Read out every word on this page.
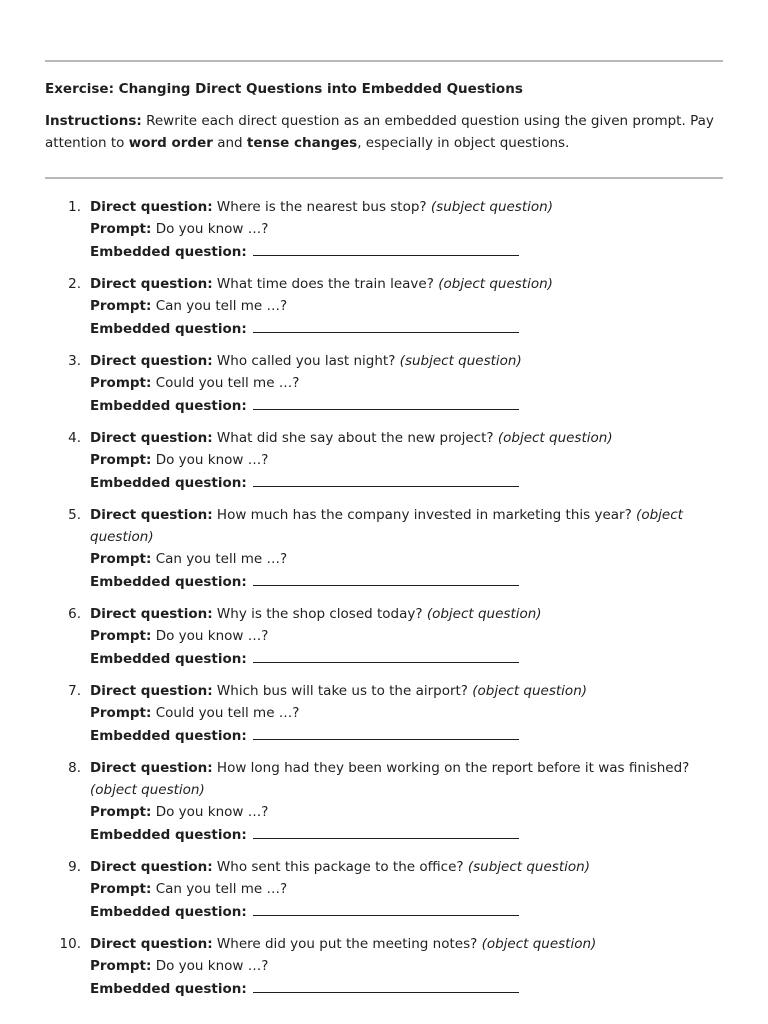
Exercise: Changing Direct Questions into Embedded Questions
Instructions: Rewrite each direct question as an embedded question using the given prompt. Pay attention to word order and tense changes, especially in object questions.
1. Direct question: Where is the nearest bus stop? (subject question)
Prompt: Do you know …?
Embedded question:
2. Direct question: What time does the train leave? (object question)
Prompt: Can you tell me …?
Embedded question:
3. Direct question: Who called you last night? (subject question)
Prompt: Could you tell me …?
Embedded question:
4. Direct question: What did she say about the new project? (object question)
Prompt: Do you know …?
Embedded question:
5. Direct question: How much has the company invested in marketing this year? (object question)
Prompt: Can you tell me …?
Embedded question:
6. Direct question: Why is the shop closed today? (object question)
Prompt: Do you know …?
Embedded question:
7. Direct question: Which bus will take us to the airport? (object question)
Prompt: Could you tell me …?
Embedded question:
8. Direct question: How long had they been working on the report before it was finished? (object question)
Prompt: Do you know …?
Embedded question:
9. Direct question: Who sent this package to the office? (subject question)
Prompt: Can you tell me …?
Embedded question:
10. Direct question: Where did you put the meeting notes? (object question)
Prompt: Do you know …?
Embedded question:
